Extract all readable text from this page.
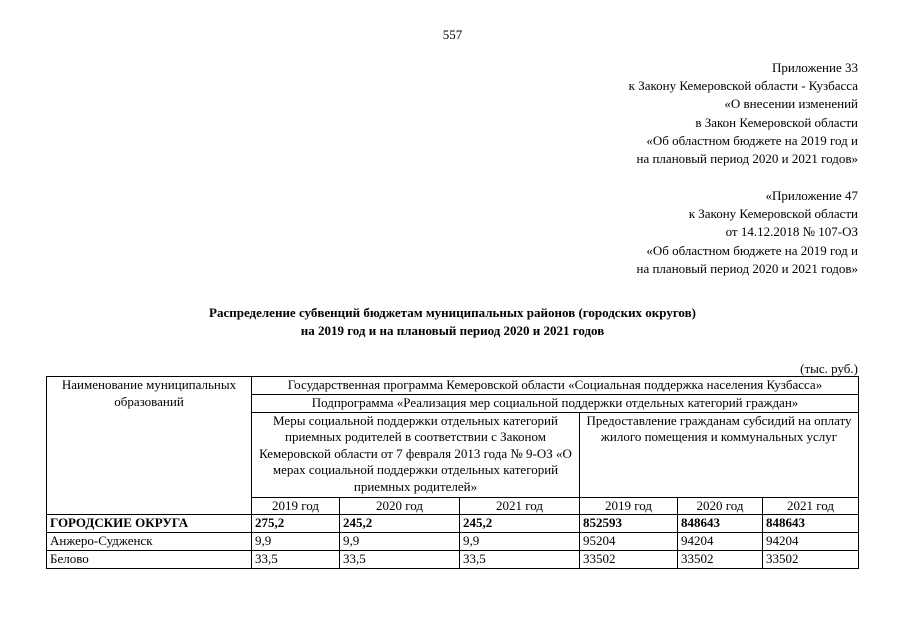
557
Приложение 33
к Закону Кемеровской области - Кузбасса
«О внесении изменений
в Закон Кемеровской области
«Об областном бюджете на 2019 год и
на плановый период 2020 и 2021 годов»
«Приложение 47
к Закону Кемеровской области
от 14.12.2018 № 107-ОЗ
«Об областном бюджете на 2019 год и
на плановый период 2020 и 2021 годов»
Распределение субвенций бюджетам муниципальных районов (городских округов)
на 2019 год и на плановый период 2020 и 2021 годов
(тыс. руб.)
Наименование муниципальных образований	Государственная программа Кемеровской области «Социальная поддержка населения Кузбасса»					
	Подпрограмма «Реализация мер социальной поддержки отдельных категорий граждан»					
	Меры социальной поддержки отдельных категорий приемных родителей в соответствии с Законом Кемеровской области от 7 февраля 2013 года № 9-ОЗ «О мерах социальной поддержки отдельных категорий приемных родителей»			Предоставление гражданам субсидий на оплату жилого помещения и коммунальных услуг		
	2019 год	2020 год	2021 год	2019 год	2020 год	2021 год
ГОРОДСКИЕ ОКРУГА	275,2	245,2	245,2	852593	848643	848643
Анжеро-Судженск	9,9	9,9	9,9	95204	94204	94204
Белово	33,5	33,5	33,5	33502	33502	33502
